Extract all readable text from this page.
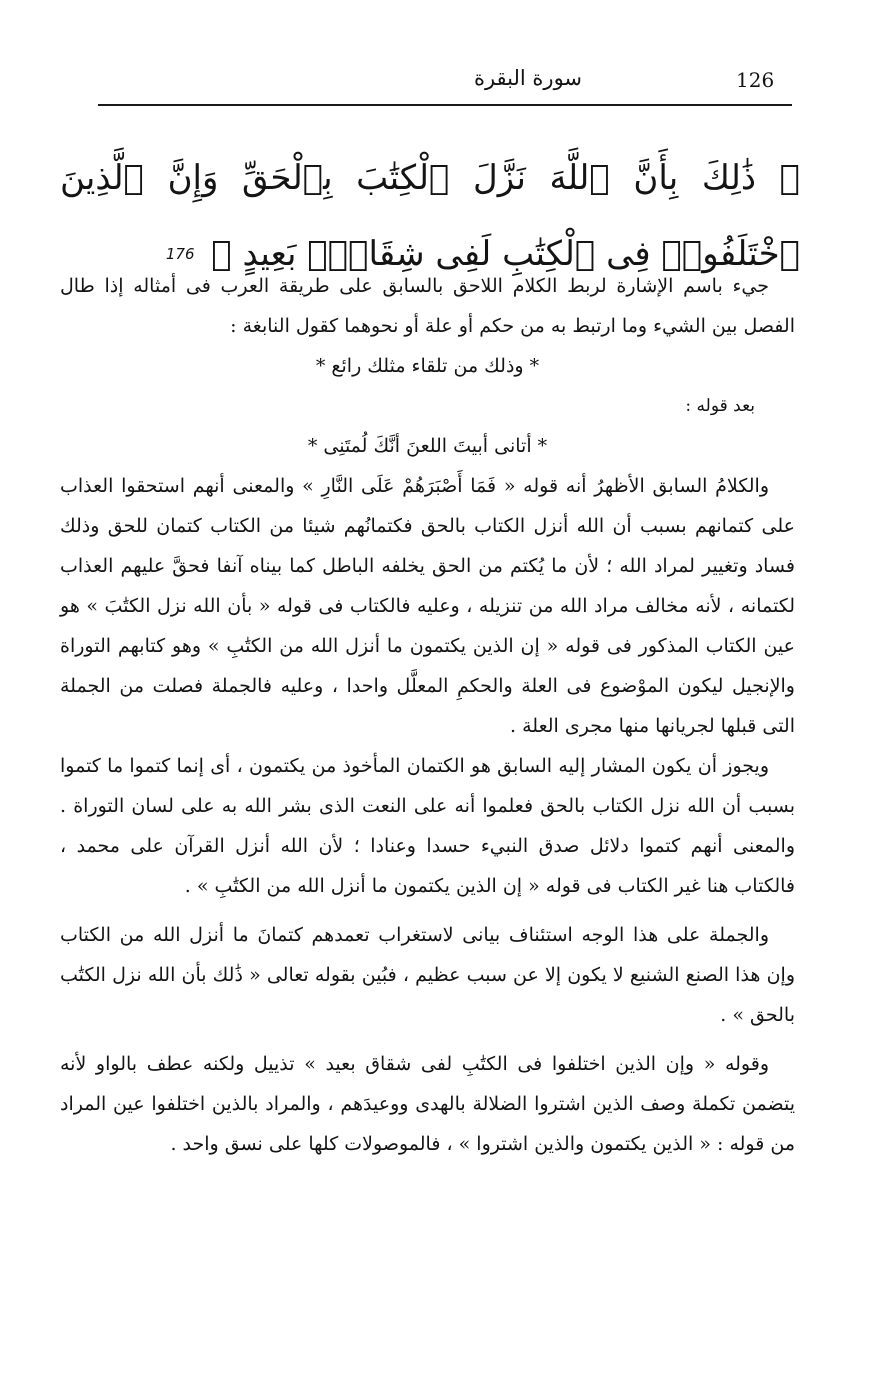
سورة البقرة	126
﴿ ذَٰلِكَ بِأَنَّ ٱللَّهَ نَزَّلَ ٱلْكِتَٰبَ بِٱلْحَقِّ وَإِنَّ ٱلَّذِينَ ٱخْتَلَفُوا۟ فِى ٱلْكِتَٰبِ لَفِى شِقَاقٍۭ بَعِيدٍ ﴾ 176

جيء باسم الإشارة لربط الكلام اللاحق بالسابق على طريقة العرب فى أمثاله إذا طال الفصل بين الشيء وما ارتبط به من حكم أو علة أو نحوهما كقول النابغة :

* وذلك من تلقاء مثلك رائع *

بعد قوله :

* أتانى أبيتَ اللعنَ أنَّكَ لُمتَنِى *

والكلامُ السابق الأظهرُ أنه قوله « فَمَا أَصْبَرَهُمْ عَلَى النَّارِ » والمعنى أنهم استحقوا العذاب على كتمانهم بسبب أن الله أنزل الكتاب بالحق فكتمانُهم شيئا من الكتاب كتمان للحق وذلك فساد وتغيير لمراد الله ؛ لأن ما يُكتم من الحق يخلفه الباطل كما بيناه آنفا فحقَّ عليهم العذاب لكتمانه ، لأنه مخالف مراد الله من تنزيله ، وعليه فالكتاب فى قوله « بأن الله نزل الكتَٰبَ » هو عين الكتاب المذكور فى قوله « إن الذين يكتمون ما أنزل الله من الكتَٰبِ » وهو كتابهم التوراة والإنجيل ليكون الموْضوع فى العلة والحكمِ المعلَّل واحدا ، وعليه فالجملة فصلت من الجملة التى قبلها لجريانها منها مجرى العلة .

ويجوز أن يكون المشار إليه السابق هو الكتمان المأخوذ من يكتمون ، أى إنما كتموا ما كتموا بسبب أن الله نزل الكتاب بالحق فعلموا أنه على النعت الذى بشر الله به على لسان التوراة . والمعنى أنهم كتموا دلائل صدق النبيء حسدا وعنادا ؛ لأن الله أنزل القرآن على محمد ، فالكتاب هنا غير الكتاب فى قوله « إن الذين يكتمون ما أنزل الله من الكتَٰبِ » .

والجملة على هذا الوجه استئناف بيانى لاستغراب تعمدهم كتمانَ ما أنزل الله من الكتاب وإن هذا الصنع الشنيع لا يكون إلا عن سبب عظيم ، فبُين بقوله تعالى « ذَٰلك بأن الله نزل الكتَٰب بالحق » .

وقوله « وإن الذين اختلفوا فى الكتَٰبِ لفى شقاق بعيد » تذييل ولكنه عطف بالواو لأنه يتضمن تكملة وصف الذين اشتروا الضلالة بالهدى ووعيدَهم ، والمراد بالذين اختلفوا عين المراد من قوله : « الذين يكتمون والذين اشتروا » ، فالموصولات كلها على نسق واحد .
